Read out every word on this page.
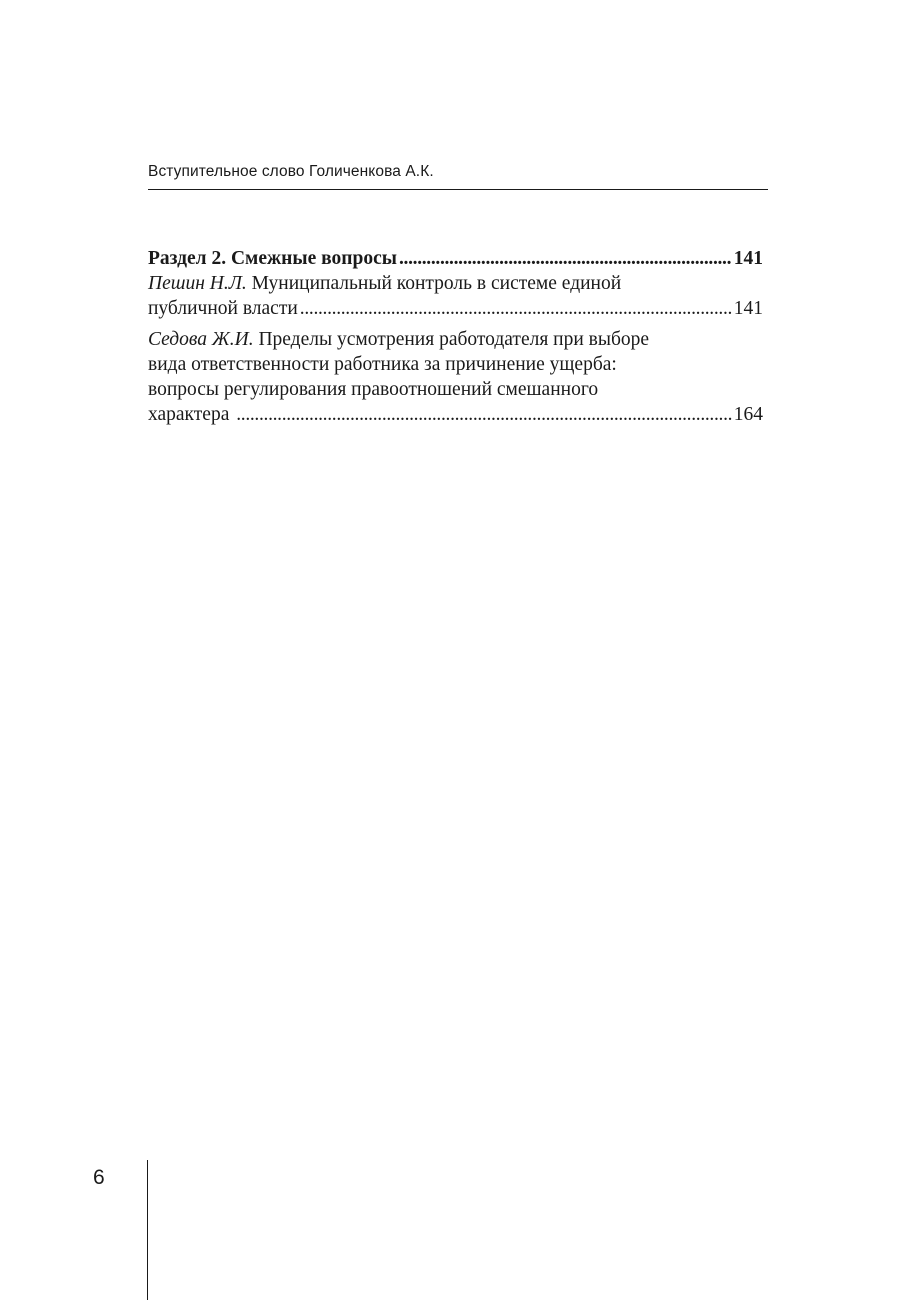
Вступительное слово Голиченкова А.К.
Раздел 2. Смежные вопросы . . .	141
Пешин Н.Л. Муниципальный контроль в системе единой
публичной власти . . .	141
Седова Ж.И. Пределы усмотрения работодателя при выборе
вида ответственности работника за причинение ущерба:
вопросы регулирования правоотношений смешанного
характера . . .	164
6
